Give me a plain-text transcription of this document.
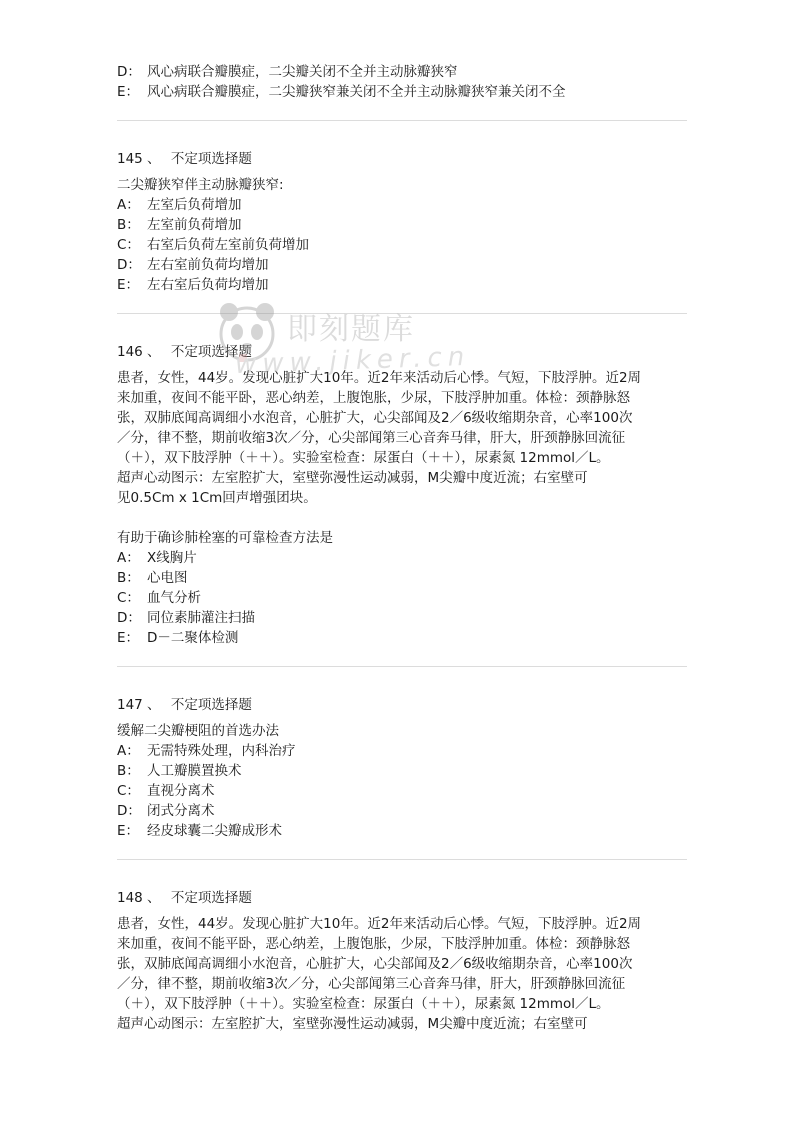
D： 风心病联合瓣膜症，二尖瓣关闭不全并主动脉瓣狭窄
E： 风心病联合瓣膜症，二尖瓣狭窄兼关闭不全并主动脉瓣狭窄兼关闭不全
145 、 不定项选择题
二尖瓣狭窄伴主动脉瓣狭窄:
A： 左室后负荷增加
B： 左室前负荷增加
C： 右室后负荷左室前负荷增加
D： 左右室前负荷均增加
E： 左右室后负荷均增加
146 、 不定项选择题
患者，女性，44岁。发现心脏扩大10年。近2年来活动后心悸。气短，下肢浮肿。近2周
来加重，夜间不能平卧，恶心纳差，上腹饱胀，少尿，下肢浮肿加重。体检：颈静脉怒
张，双肺底闻高调细小水泡音，心脏扩大，心尖部闻及2／6级收缩期杂音，心率100次
／分，律不整，期前收缩3次／分，心尖部闻第三心音奔马律，肝大，肝颈静脉回流征
（＋），双下肢浮肿（＋＋）。实验室检查：尿蛋白（＋＋），尿素氮 12mmol／L。
超声心动图示：左室腔扩大，室壁弥漫性运动减弱，M尖瓣中度近流；右室壁可
见0.5Cm x 1Cm回声增强团块。
有助于确诊肺栓塞的可靠检查方法是
A： X线胸片
B： 心电图
C： 血气分析
D： 同位素肺灌注扫描
E： D－二聚体检测
147 、 不定项选择题
缓解二尖瓣梗阻的首选办法
A： 无需特殊处理，内科治疗
B： 人工瓣膜置换术
C： 直视分离术
D： 闭式分离术
E： 经皮球囊二尖瓣成形术
148 、 不定项选择题
患者，女性，44岁。发现心脏扩大10年。近2年来活动后心悸。气短，下肢浮肿。近2周
来加重，夜间不能平卧，恶心纳差，上腹饱胀，少尿，下肢浮肿加重。体检：颈静脉怒
张，双肺底闻高调细小水泡音，心脏扩大，心尖部闻及2／6级收缩期杂音，心率100次
／分，律不整，期前收缩3次／分，心尖部闻第三心音奔马律，肝大，肝颈静脉回流征
（＋），双下肢浮肿（＋＋）。实验室检查：尿蛋白（＋＋），尿素氮 12mmol／L。
超声心动图示：左室腔扩大，室壁弥漫性运动减弱，M尖瓣中度近流；右室壁可
即刻题库
www.jiker.cn
